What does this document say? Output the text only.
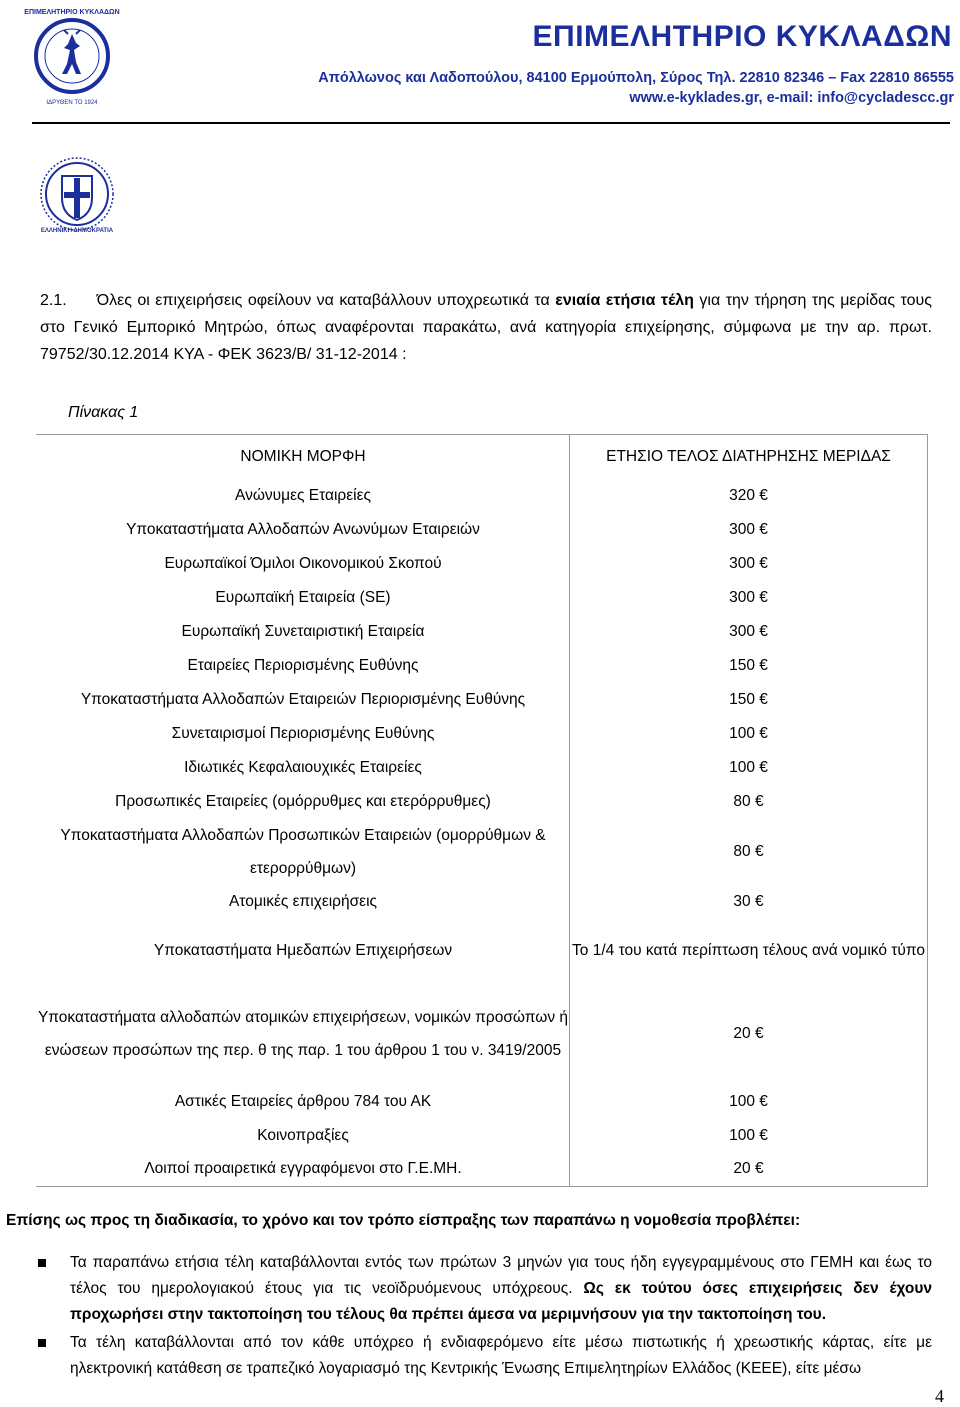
ΕΠΙΜΕΛΗΤΗΡΙΟ ΚΥΚΛΑΔΩΝ
ΙΔΡΥΘΕΝ ΤΟ 1924
ΕΠΙΜΕΛΗΤΗΡΙΟ ΚΥΚΛΑΔΩΝ
Απόλλωνος και Λαδοπούλου, 84100 Ερμούπολη, Σύρος Τηλ. 22810 82346 – Fax 22810 86555
www.e-kyklades.gr, e-mail: info@cycladescc.gr
ΕΛΛΗΝΙΚΗ ΔΗΜΟΚΡΑΤΙΑ
2.1. Όλες οι επιχειρήσεις οφείλουν να καταβάλλουν υποχρεωτικά τα ενιαία ετήσια τέλη για την τήρηση της μερίδας τους στο Γενικό Εμπορικό Μητρώο, όπως αναφέρονται παρακάτω, ανά κατηγορία επιχείρησης, σύμφωνα με την αρ. πρωτ. 79752/30.12.2014 ΚΥΑ - ΦΕΚ 3623/Β/ 31-12-2014 :
Πίνακας 1
ΝΟΜΙΚΗ ΜΟΡΦΗ	ΕΤΗΣΙΟ ΤΕΛΟΣ ΔΙΑΤΗΡΗΣΗΣ ΜΕΡΙΔΑΣ
Ανώνυμες Εταιρείες	320 €
Υποκαταστήματα Αλλοδαπών Ανωνύμων Εταιρειών	300 €
Ευρωπαϊκοί Όμιλοι Οικονομικού Σκοπού	300 €
Ευρωπαϊκή Εταιρεία (SE)	300 €
Ευρωπαϊκή Συνεταιριστική Εταιρεία	300 €
Εταιρείες Περιορισμένης Ευθύνης	150 €
Υποκαταστήματα Αλλοδαπών Εταιρειών Περιορισμένης Ευθύνης	150 €
Συνεταιρισμοί Περιορισμένης Ευθύνης	100 €
Ιδιωτικές Κεφαλαιουχικές Εταιρείες	100 €
Προσωπικές Εταιρείες (ομόρρυθμες και ετερόρρυθμες)	80 €
Υποκαταστήματα Αλλοδαπών Προσωπικών Εταιρειών (ομορρύθμων & ετερορρύθμων)	80 €
Ατομικές επιχειρήσεις	30 €
Υποκαταστήματα Ημεδαπών Επιχειρήσεων	Το 1/4 του κατά περίπτωση τέλους ανά νομικό τύπο
Υποκαταστήματα αλλοδαπών ατομικών επιχειρήσεων, νομικών προσώπων ή ενώσεων προσώπων της περ. θ της παρ. 1 του άρθρου 1 του ν. 3419/2005	20 €
Αστικές Εταιρείες άρθρου 784 του ΑΚ	100 €
Κοινοπραξίες	100 €
Λοιποί προαιρετικά εγγραφόμενοι στο Γ.Ε.ΜΗ.	20 €
Επίσης ως προς τη διαδικασία, το χρόνο και τον τρόπο είσπραξης των παραπάνω η νομοθεσία προβλέπει:
Τα παραπάνω ετήσια τέλη καταβάλλονται εντός των πρώτων 3 μηνών για τους ήδη εγγεγραμμένους στο ΓΕΜΗ και έως το τέλος του ημερολογιακού έτους για τις νεοϊδρυόμενους υπόχρεους. Ως εκ τούτου όσες επιχειρήσεις δεν έχουν προχωρήσει στην τακτοποίηση του τέλους θα πρέπει άμεσα να μεριμνήσουν για την τακτοποίηση του.
Τα τέλη καταβάλλονται από τον κάθε υπόχρεο ή ενδιαφερόμενο είτε μέσω πιστωτικής ή χρεωστικής κάρτας, είτε με ηλεκτρονική κατάθεση σε τραπεζικό λογαριασμό της Κεντρικής Ένωσης Επιμελητηρίων Ελλάδος (ΚΕΕΕ), είτε μέσω
4
